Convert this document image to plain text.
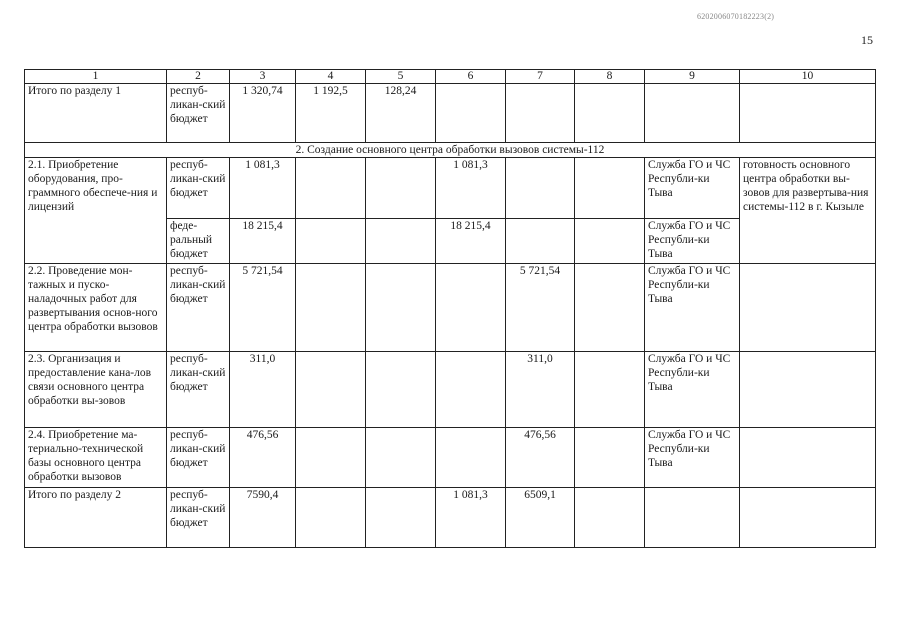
6202006070182223(2)
15
1	2	3	4	5	6	7	8	9	10
Итого по разделу 1	респуб-ликан-ский бюджет	1 320,74	1 192,5	128,24					
2. Создание основного центра обработки вызовов системы-112									
2.1. Приобретение оборудования, про-граммного обеспече-ния и лицензий	респуб-ликан-ский бюджет	1 081,3			1 081,3			Служба ГО и ЧС Республи-ки Тыва	готовность основного центра обработки вы-зовов для развертыва-ния системы-112 в г. Кызыле
	феде-ральный бюджет	18 215,4			18 215,4			Служба ГО и ЧС Республи-ки Тыва	
2.2. Проведение мон-тажных и пуско-наладочных работ для развертывания основ-ного центра обработки вызовов	респуб-ликан-ский бюджет	5 721,54				5 721,54		Служба ГО и ЧС Республи-ки Тыва	
2.3. Организация и предоставление кана-лов связи основного центра обработки вы-зовов	респуб-ликан-ский бюджет	311,0				311,0		Служба ГО и ЧС Республи-ки Тыва	
2.4. Приобретение ма-териально-технической базы основного центра обработки вызовов	респуб-ликан-ский бюджет	476,56				476,56		Служба ГО и ЧС Республи-ки Тыва	
Итого по разделу 2	респуб-ликан-ский бюджет	7590,4			1 081,3	6509,1			
